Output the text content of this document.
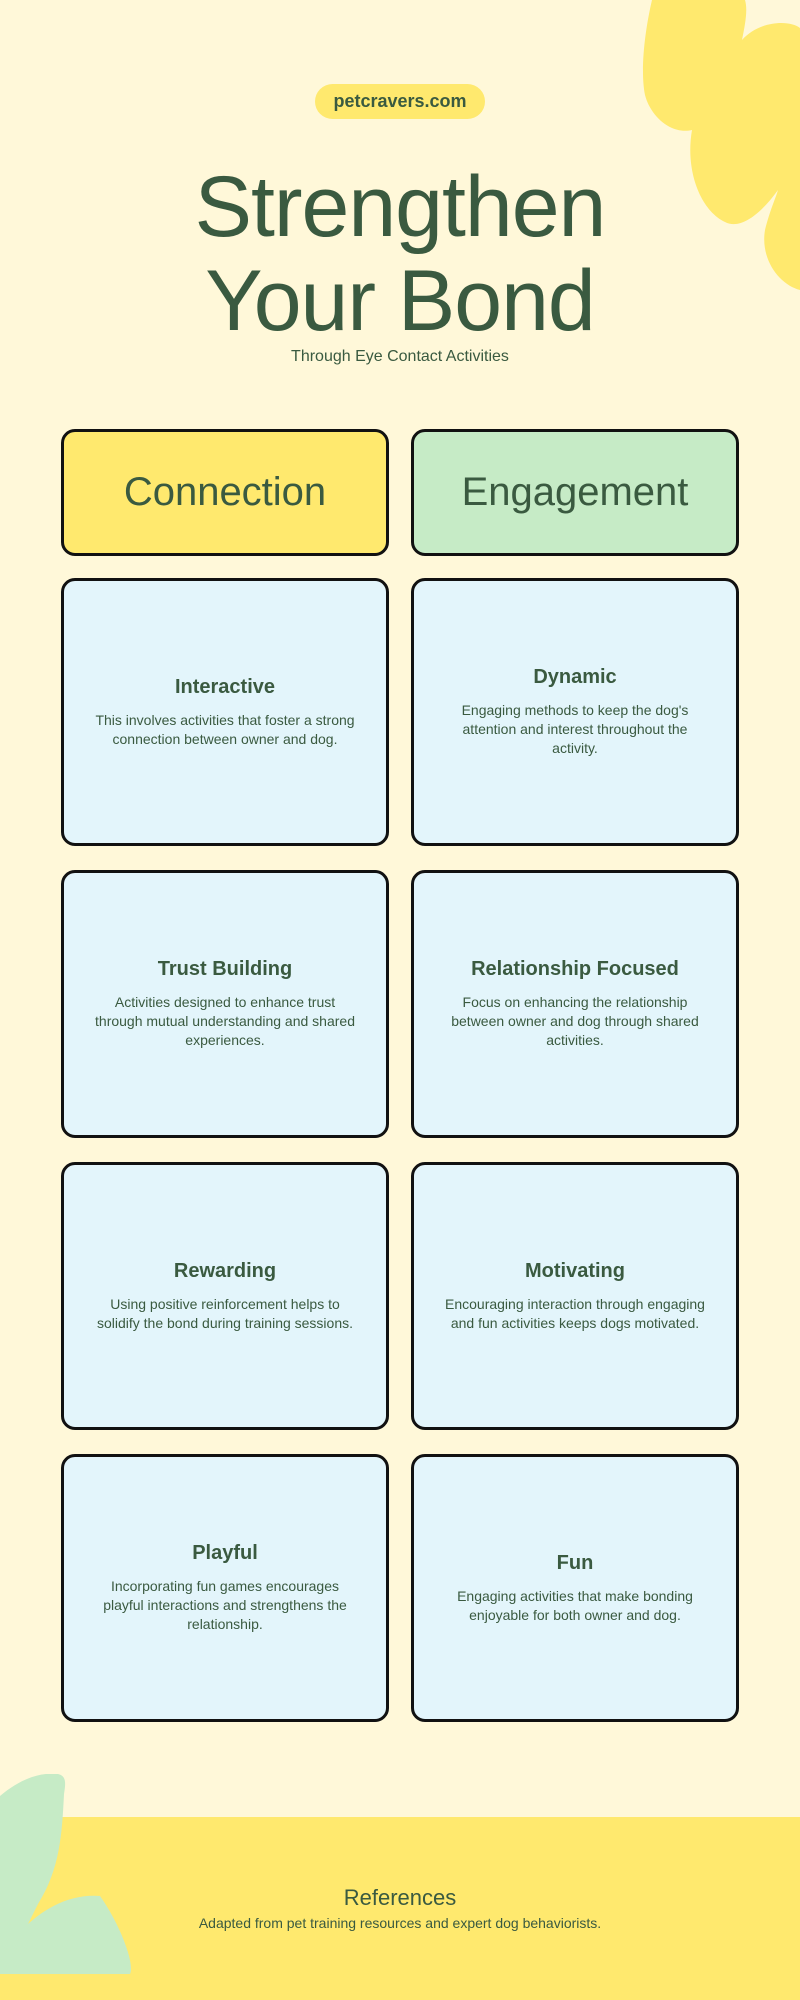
petcravers.com
Strengthen Your Bond
Through Eye Contact Activities
Connection	Engagement
Interactive

This involves activities that foster a strong connection between owner and dog.

Dynamic

Engaging methods to keep the dog's attention and interest throughout the activity.

Trust Building

Activities designed to enhance trust through mutual understanding and shared experiences.

Relationship Focused

Focus on enhancing the relationship between owner and dog through shared activities.

Rewarding

Using positive reinforcement helps to solidify the bond during training sessions.

Motivating

Encouraging interaction through engaging and fun activities keeps dogs motivated.

Playful

Incorporating fun games encourages playful interactions and strengthens the relationship.

Fun

Engaging activities that make bonding enjoyable for both owner and dog.

References

Adapted from pet training resources and expert dog behaviorists.
